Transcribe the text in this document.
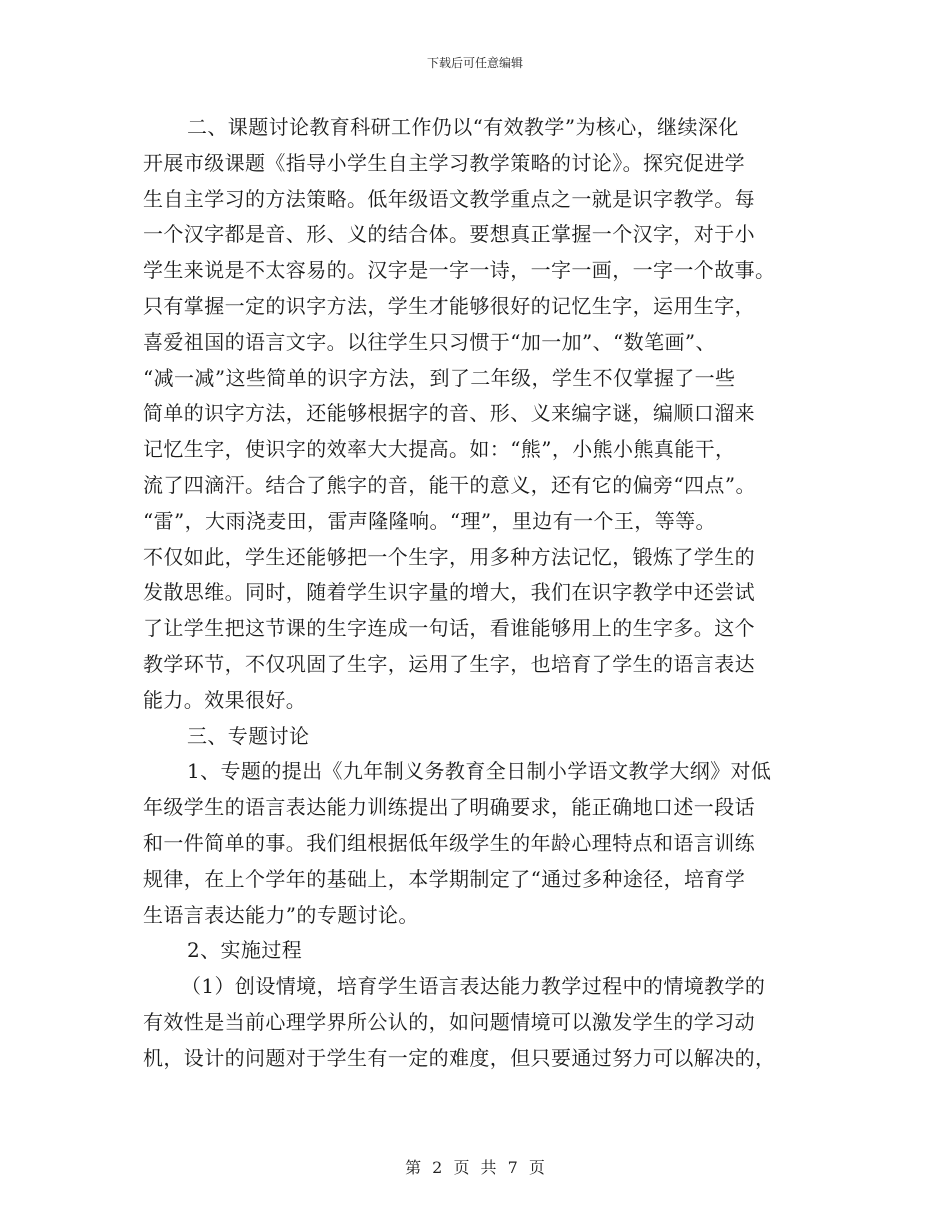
下载后可任意编辑
二、课题讨论教育科研工作仍以“有效教学”为核心，继续深化
开展市级课题《指导小学生自主学习教学策略的讨论》。探究促进学
生自主学习的方法策略。低年级语文教学重点之一就是识字教学。每
一个汉字都是音、形、义的结合体。要想真正掌握一个汉字，对于小
学生来说是不太容易的。汉字是一字一诗，一字一画，一字一个故事。
只有掌握一定的识字方法，学生才能够很好的记忆生字，运用生字，
喜爱祖国的语言文字。以往学生只习惯于“加一加”、“数笔画”、
“减一减”这些简单的识字方法，到了二年级，学生不仅掌握了一些
简单的识字方法，还能够根据字的音、形、义来编字谜，编顺口溜来
记忆生字，使识字的效率大大提高。如：“熊”，小熊小熊真能干，
流了四滴汗。结合了熊字的音，能干的意义，还有它的偏旁“四点”。
“雷”，大雨浇麦田，雷声隆隆响。“理”，里边有一个王，等等。
不仅如此，学生还能够把一个生字，用多种方法记忆，锻炼了学生的
发散思维。同时，随着学生识字量的增大，我们在识字教学中还尝试
了让学生把这节课的生字连成一句话，看谁能够用上的生字多。这个
教学环节，不仅巩固了生字，运用了生字，也培育了学生的语言表达
能力。效果很好。
三、专题讨论
1、专题的提出《九年制义务教育全日制小学语文教学大纲》对低
年级学生的语言表达能力训练提出了明确要求，能正确地口述一段话
和一件简单的事。我们组根据低年级学生的年龄心理特点和语言训练
规律，在上个学年的基础上，本学期制定了“通过多种途径，培育学
生语言表达能力”的专题讨论。
2、实施过程
（1）创设情境，培育学生语言表达能力教学过程中的情境教学的
有效性是当前心理学界所公认的，如问题情境可以激发学生的学习动
机，设计的问题对于学生有一定的难度，但只要通过努力可以解决的，
第 2 页 共 7 页
